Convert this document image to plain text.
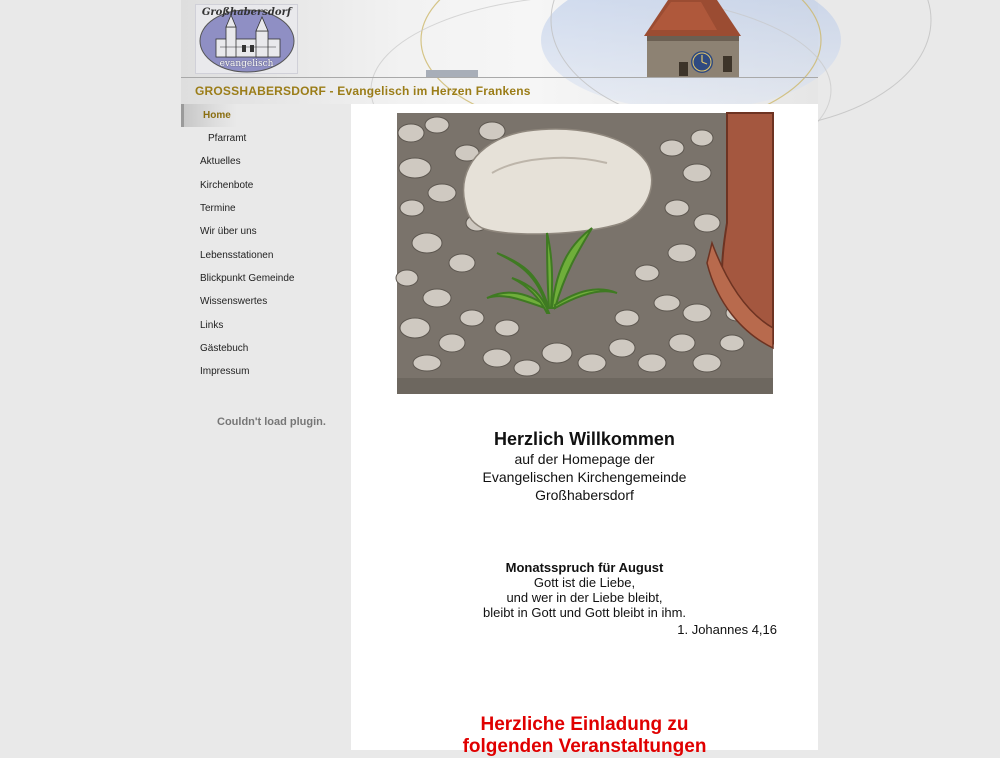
Großhabersdorf
evangelisch
GROSSHABERSDORF - Evangelisch im Herzen Frankens
Home
Pfarramt
Aktuelles
Kirchenbote
Termine
Wir über uns
Lebensstationen
Blickpunkt Gemeinde
Wissenswertes
Links
Gästebuch
Impressum
Couldn't load plugin.
Herzlich Willkommen
auf der Homepage der
Evangelischen Kirchengemeinde
Großhabersdorf
Monatsspruch für August
Gott ist die Liebe,
und wer in der Liebe bleibt,
bleibt in Gott und Gott bleibt in ihm.
1. Johannes 4,16
Herzliche Einladung zu
folgenden Veranstaltungen
